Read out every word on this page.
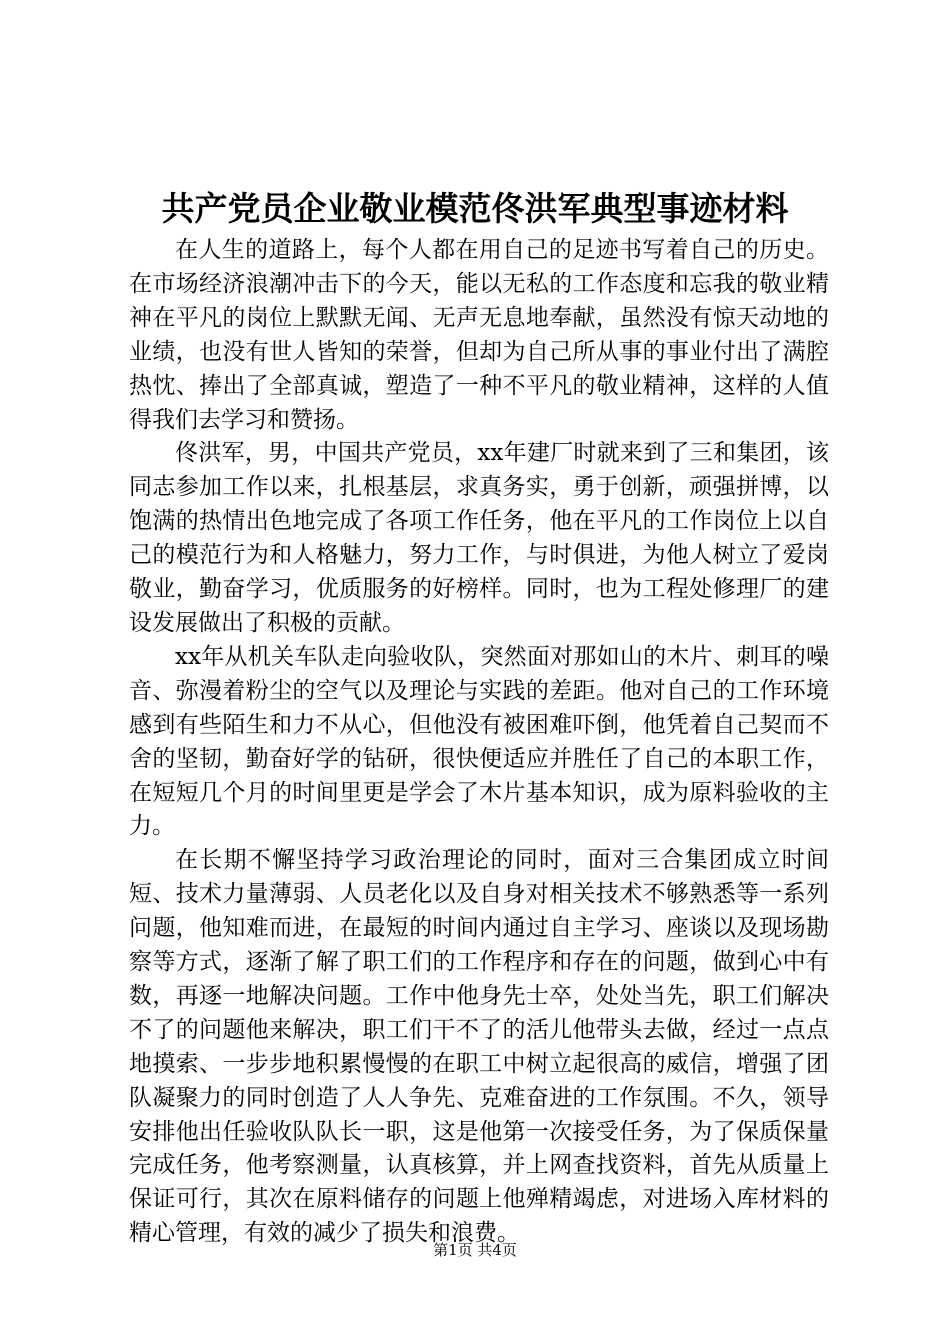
共产党员企业敬业模范佟洪军典型事迹材料

在人生的道路上，每个人都在用自己的足迹书写着自己的历史。在市场经济浪潮冲击下的今天，能以无私的工作态度和忘我的敬业精神在平凡的岗位上默默无闻、无声无息地奉献，虽然没有惊天动地的业绩，也没有世人皆知的荣誉，但却为自己所从事的事业付出了满腔热忱、捧出了全部真诚，塑造了一种不平凡的敬业精神，这样的人值得我们去学习和赞扬。

佟洪军，男，中国共产党员，xx年建厂时就来到了三和集团，该同志参加工作以来，扎根基层，求真务实，勇于创新，顽强拼博，以饱满的热情出色地完成了各项工作任务，他在平凡的工作岗位上以自己的模范行为和人格魅力，努力工作，与时俱进，为他人树立了爱岗敬业，勤奋学习，优质服务的好榜样。同时，也为工程处修理厂的建设发展做出了积极的贡献。

xx年从机关车队走向验收队，突然面对那如山的木片、刺耳的噪音、弥漫着粉尘的空气以及理论与实践的差距。他对自己的工作环境感到有些陌生和力不从心，但他没有被困难吓倒，他凭着自己契而不舍的坚韧，勤奋好学的钻研，很快便适应并胜任了自己的本职工作，在短短几个月的时间里更是学会了木片基本知识，成为原料验收的主力。

在长期不懈坚持学习政治理论的同时，面对三合集团成立时间短、技术力量薄弱、人员老化以及自身对相关技术不够熟悉等一系列问题，他知难而进，在最短的时间内通过自主学习、座谈以及现场勘察等方式，逐渐了解了职工们的工作程序和存在的问题，做到心中有数，再逐一地解决问题。工作中他身先士卒，处处当先，职工们解决不了的问题他来解决，职工们干不了的活儿他带头去做，经过一点点地摸索、一步步地积累慢慢的在职工中树立起很高的威信，增强了团队凝聚力的同时创造了人人争先、克难奋进的工作氛围。不久，领导安排他出任验收队队长一职，这是他第一次接受任务，为了保质保量完成任务，他考察测量，认真核算，并上网查找资料，首先从质量上保证可行，其次在原料储存的问题上他殚精竭虑，对进场入库材料的精心管理，有效的减少了损失和浪费。

第1页 共4页
